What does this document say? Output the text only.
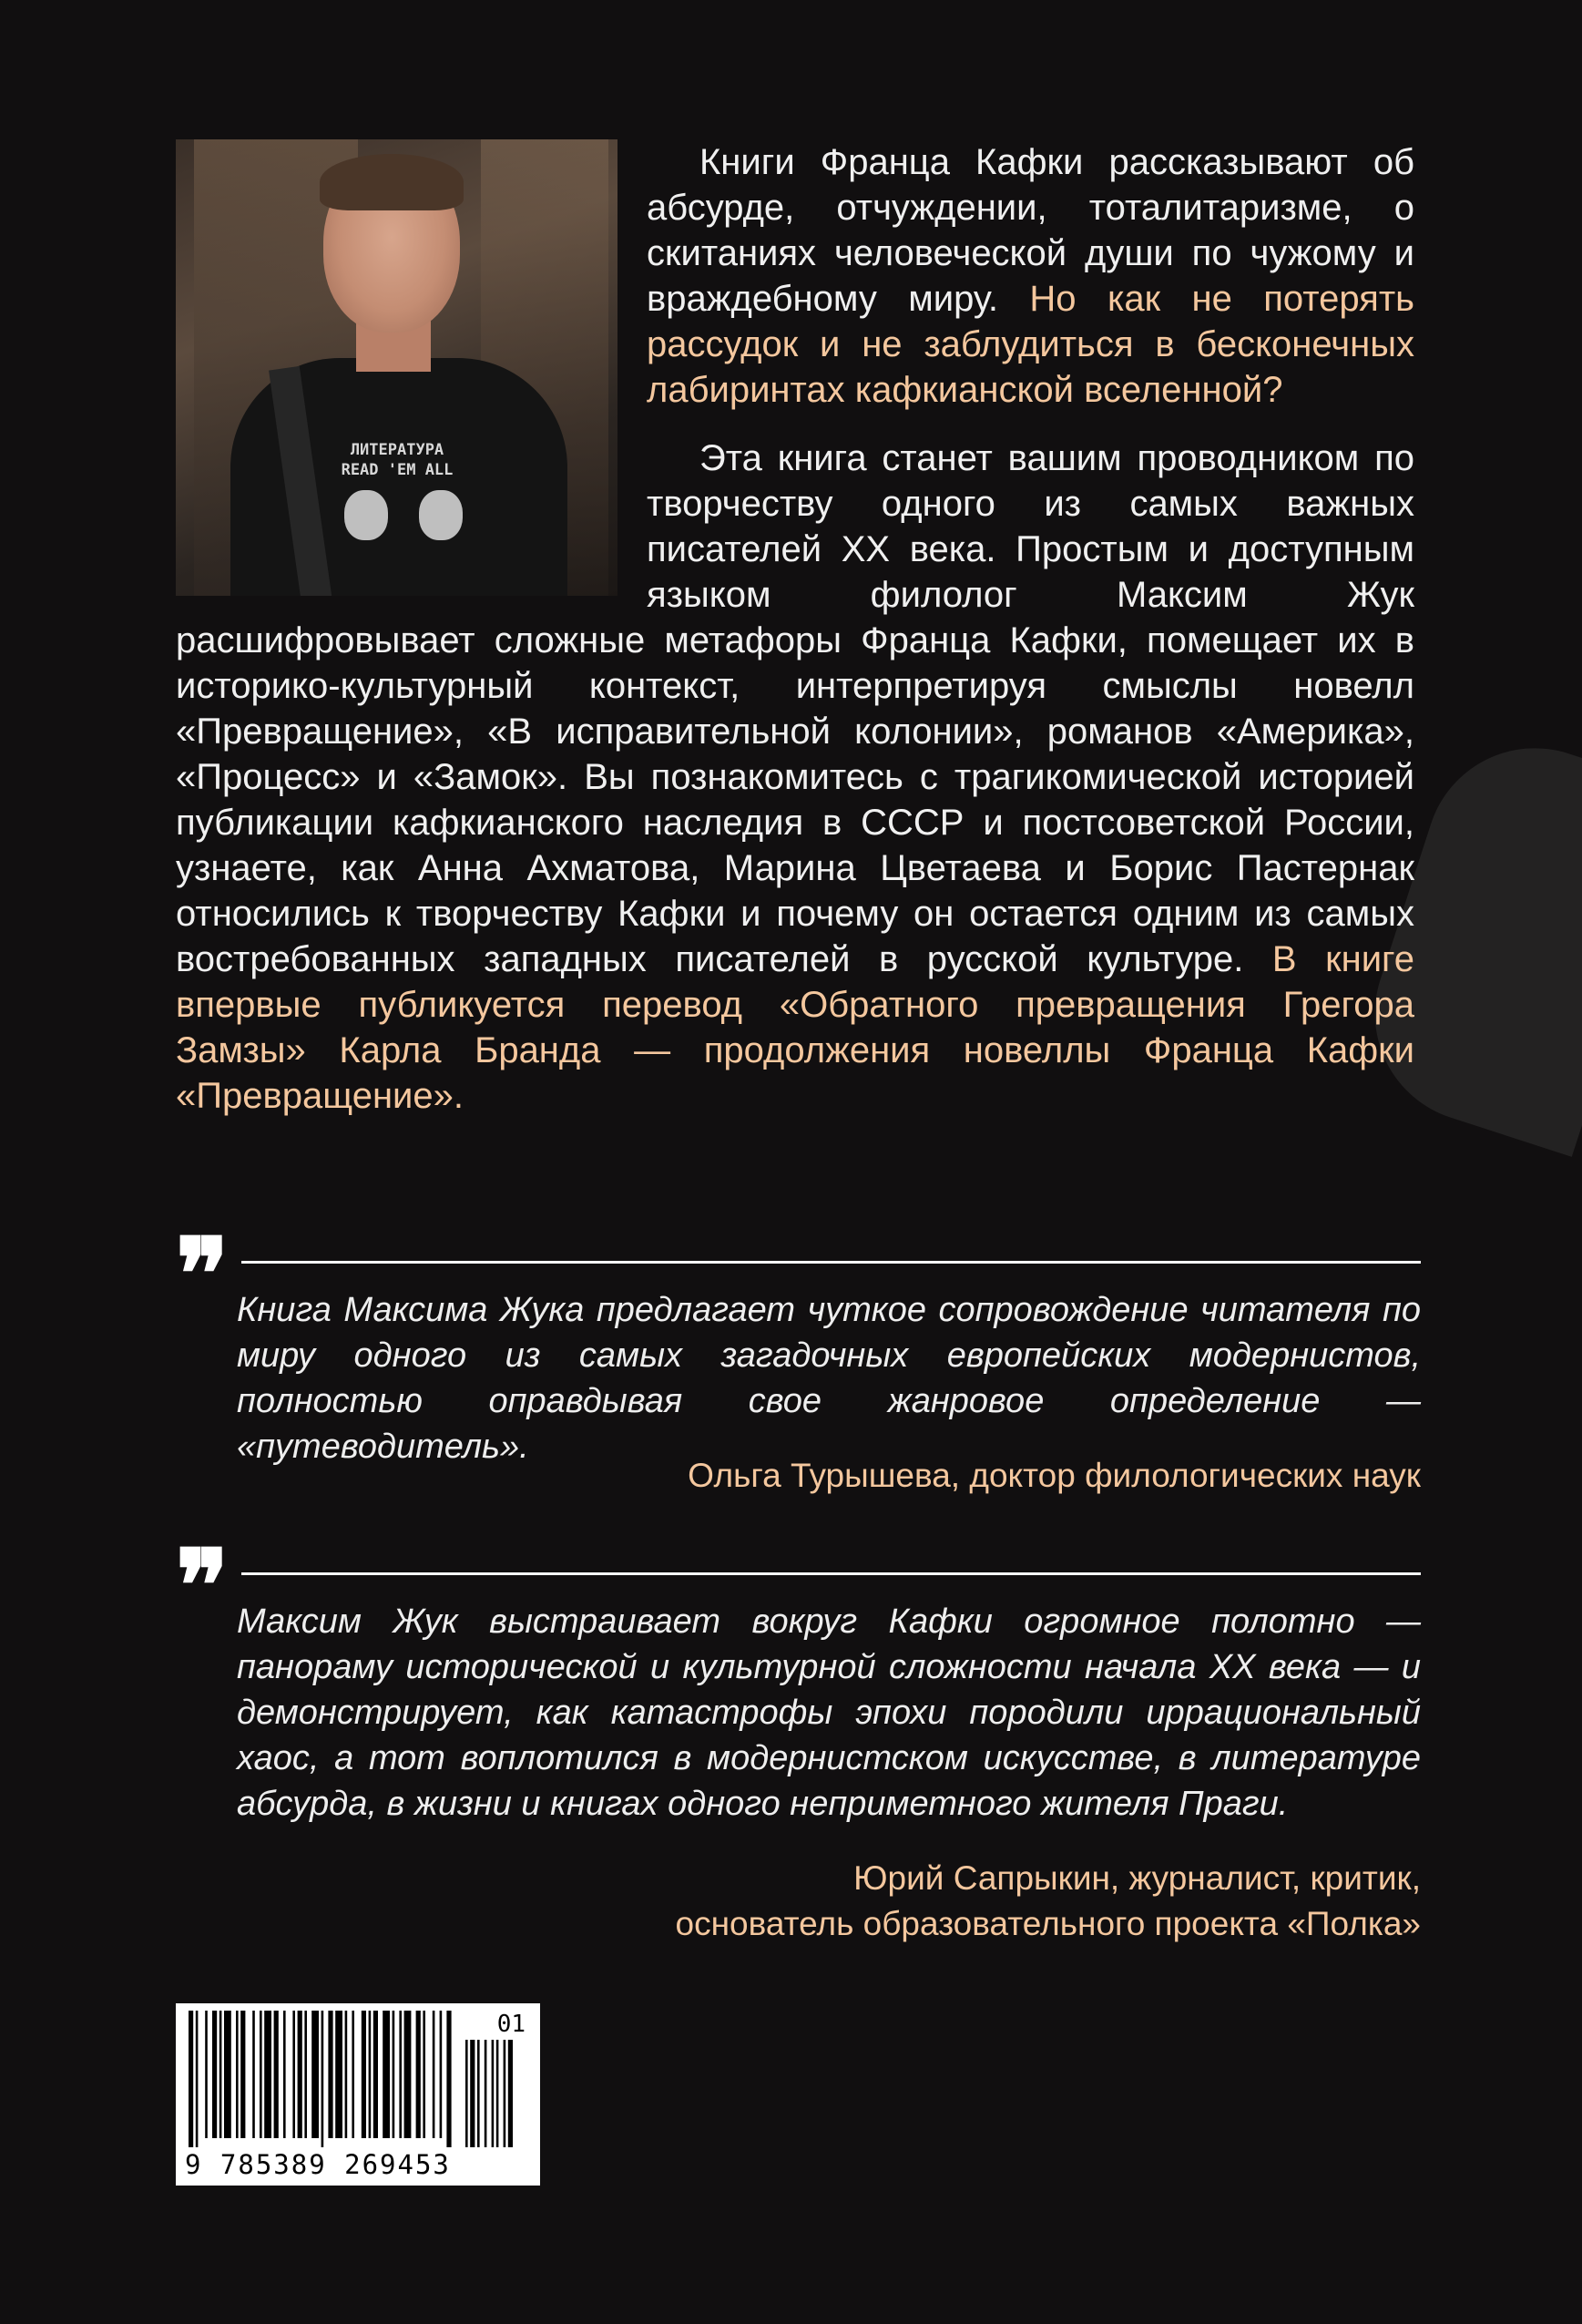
ЛИТЕРАТУРА
READ 'EM ALL

Книги Франца Кафки рассказывают об абсурде, отчуждении, тоталитаризме, о скитаниях человеческой души по чужому и враждебному миру. Но как не потерять рассудок и не заблудиться в бесконечных лабиринтах кафкианской вселенной?

Эта книга станет вашим проводником по творчеству одного из самых важных писателей XX века. Простым и доступным языком филолог Максим Жук расшифровывает сложные метафоры Франца Кафки, помещает их в историко-культурный контекст, интерпретируя смыслы новелл «Превращение», «В исправительной колонии», романов «Америка», «Процесс» и «Замок». Вы познакомитесь с трагикомической историей публикации кафкианского наследия в СССР и постсоветской России, узнаете, как Анна Ахматова, Марина Цветаева и Борис Пастернак относились к творчеству Кафки и почему он остается одним из самых востребованных западных писателей в русской культуре. В книге впервые публикуется перевод «Обратного превращения Грегора Замзы» Карла Бранда — продолжения новеллы Франца Кафки «Превращение».

❞ Книга Максима Жука предлагает чуткое сопровождение читателя по миру одного из самых загадочных европейских модернистов, полностью оправдывая свое жанровое определение — «путеводитель».

Ольга Турышева, доктор филологических наук
❞ Максим Жук выстраивает вокруг Кафки огромное полотно — панораму исторической и культурной сложности начала XX века — и демонстрирует, как катастрофы эпохи породили иррациональный хаос, а тот воплотился в модернистском искусстве, в литературе абсурда, в жизни и книгах одного неприметного жителя Праги.

Юрий Сапрыкин, журналист, критик,
основатель образовательного проекта «Полка»
01
9 785389 269453
